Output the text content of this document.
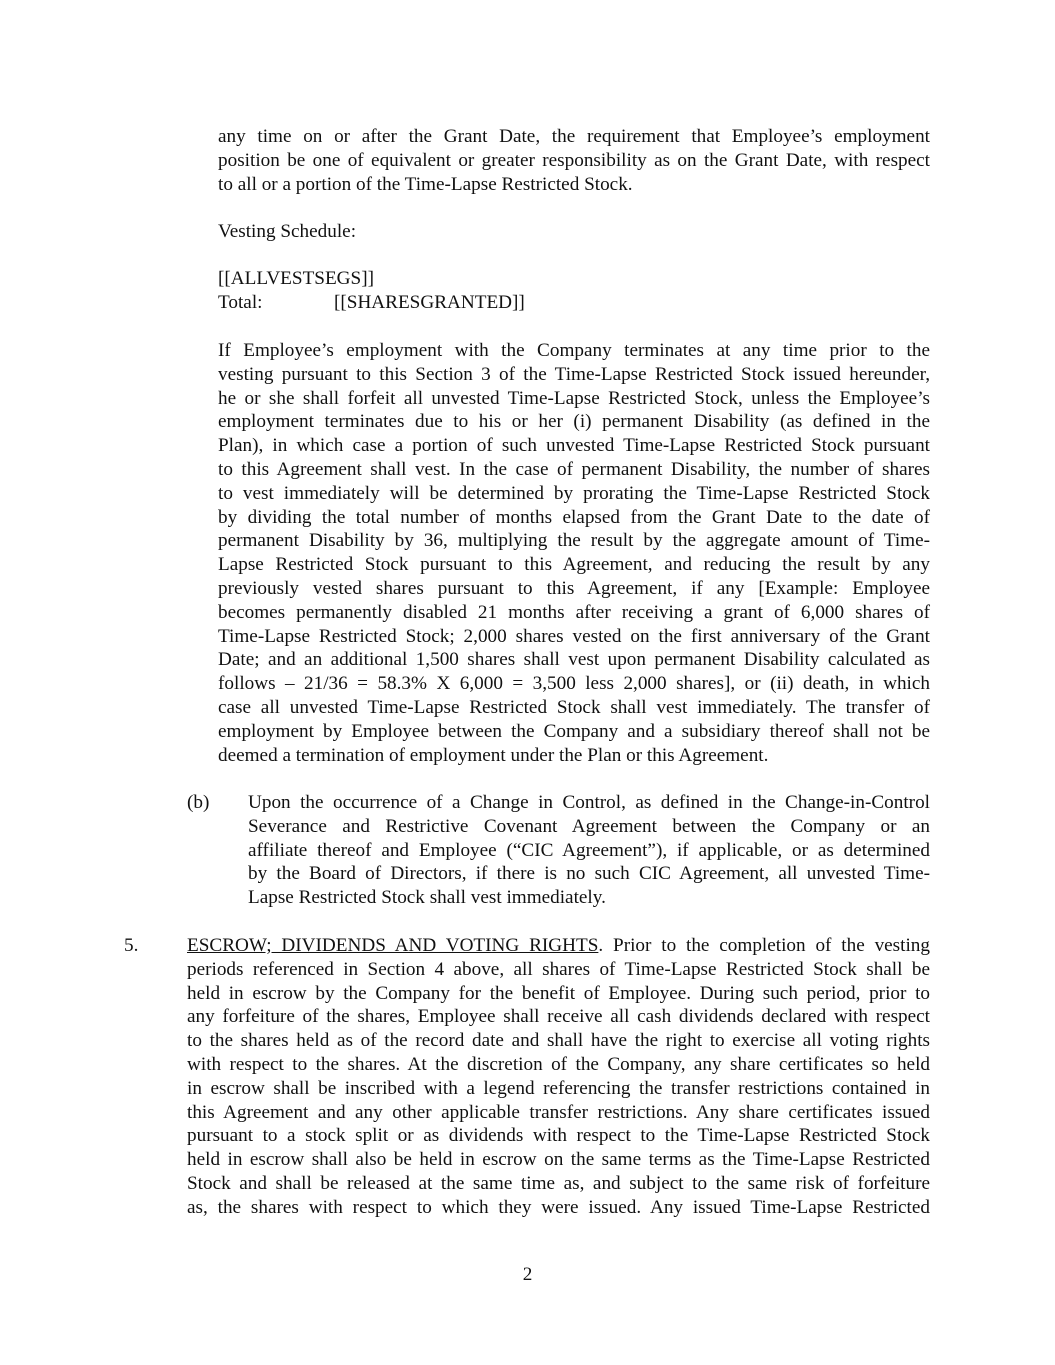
any time on or after the Grant Date, the requirement that Employee’s employment
position be one of equivalent or greater responsibility as on the Grant Date, with respect
to all or a portion of the Time-Lapse Restricted Stock.
Vesting Schedule:
[[ALLVESTSEGS]]
Total:	[[SHARESGRANTED]]
If Employee’s employment with the Company terminates at any time prior to the
vesting pursuant to this Section 3 of the Time-Lapse Restricted Stock issued hereunder,
he or she shall forfeit all unvested Time-Lapse Restricted Stock, unless the Employee’s
employment terminates due to his or her (i) permanent Disability (as defined in the
Plan), in which case a portion of such unvested Time-Lapse Restricted Stock pursuant
to this Agreement shall vest. In the case of permanent Disability, the number of shares
to vest immediately will be determined by prorating the Time-Lapse Restricted Stock
by dividing the total number of months elapsed from the Grant Date to the date of
permanent Disability by 36, multiplying the result by the aggregate amount of Time-
Lapse Restricted Stock pursuant to this Agreement, and reducing the result by any
previously vested shares pursuant to this Agreement, if any [Example: Employee
becomes permanently disabled 21 months after receiving a grant of 6,000 shares of
Time-Lapse Restricted Stock; 2,000 shares vested on the first anniversary of the Grant
Date; and an additional 1,500 shares shall vest upon permanent Disability calculated as
follows – 21/36 = 58.3% X 6,000 = 3,500 less 2,000 shares], or (ii) death, in which
case all unvested Time-Lapse Restricted Stock shall vest immediately. The transfer of
employment by Employee between the Company and a subsidiary thereof shall not be
deemed a termination of employment under the Plan or this Agreement.
(b) Upon the occurrence of a Change in Control, as defined in the Change-in-Control
Severance and Restrictive Covenant Agreement between the Company or an
affiliate thereof and Employee (“CIC Agreement”), if applicable, or as determined
by the Board of Directors, if there is no such CIC Agreement, all unvested Time-
Lapse Restricted Stock shall vest immediately.
5.	ESCROW; DIVIDENDS AND VOTING RIGHTS. Prior to the completion of the vesting
periods referenced in Section 4 above, all shares of Time-Lapse Restricted Stock shall be
held in escrow by the Company for the benefit of Employee. During such period, prior to
any forfeiture of the shares, Employee shall receive all cash dividends declared with respect
to the shares held as of the record date and shall have the right to exercise all voting rights
with respect to the shares. At the discretion of the Company, any share certificates so held
in escrow shall be inscribed with a legend referencing the transfer restrictions contained in
this Agreement and any other applicable transfer restrictions. Any share certificates issued
pursuant to a stock split or as dividends with respect to the Time-Lapse Restricted Stock
held in escrow shall also be held in escrow on the same terms as the Time-Lapse Restricted
Stock and shall be released at the same time as, and subject to the same risk of forfeiture
as, the shares with respect to which they were issued. Any issued Time-Lapse Restricted
2
